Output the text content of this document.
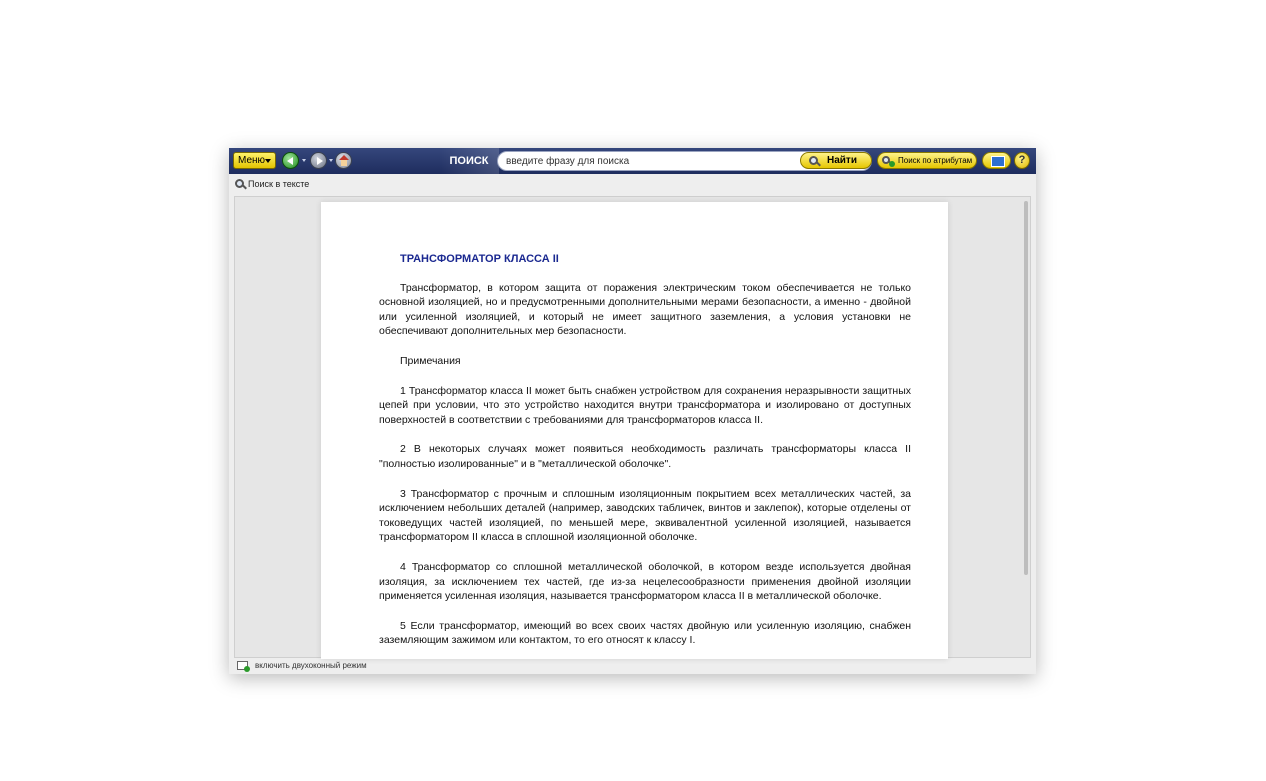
Меню	ПОИСК
введите фразу для поиска	Найти	Поиск по атрибутам	?
Поиск в тексте
ТРАНСФОРМАТОР КЛАССА II

Трансформатор, в котором защита от поражения электрическим током обеспечивается не только основной изоляцией, но и предусмотренными дополнительными мерами безопасности, а именно - двойной или усиленной изоляцией, и который не имеет защитного заземления, а условия установки не обеспечивают дополнительных мер безопасности.

Примечания

1 Трансформатор класса II может быть снабжен устройством для сохранения неразрывности защитных цепей при условии, что это устройство находится внутри трансформатора и изолировано от доступных поверхностей в соответствии с требованиями для трансформаторов класса II.

2 В некоторых случаях может появиться необходимость различать трансформаторы класса II "полностью изолированные" и в "металлической оболочке".

3 Трансформатор с прочным и сплошным изоляционным покрытием всех металлических частей, за исключением небольших деталей (например, заводских табличек, винтов и заклепок), которые отделены от токоведущих частей изоляцией, по меньшей мере, эквивалентной усиленной изоляцией, называется трансформатором II класса в сплошной изоляционной оболочке.

4 Трансформатор со сплошной металлической оболочкой, в котором везде используется двойная изоляция, за исключением тех частей, где из-за нецелесообразности применения двойной изоляции применяется усиленная изоляция, называется трансформатором класса II в металлической оболочке.

5 Если трансформатор, имеющий во всех своих частях двойную или усиленную изоляцию, снабжен заземляющим зажимом или контактом, то его относят к классу I.

включить двухоконный режим
